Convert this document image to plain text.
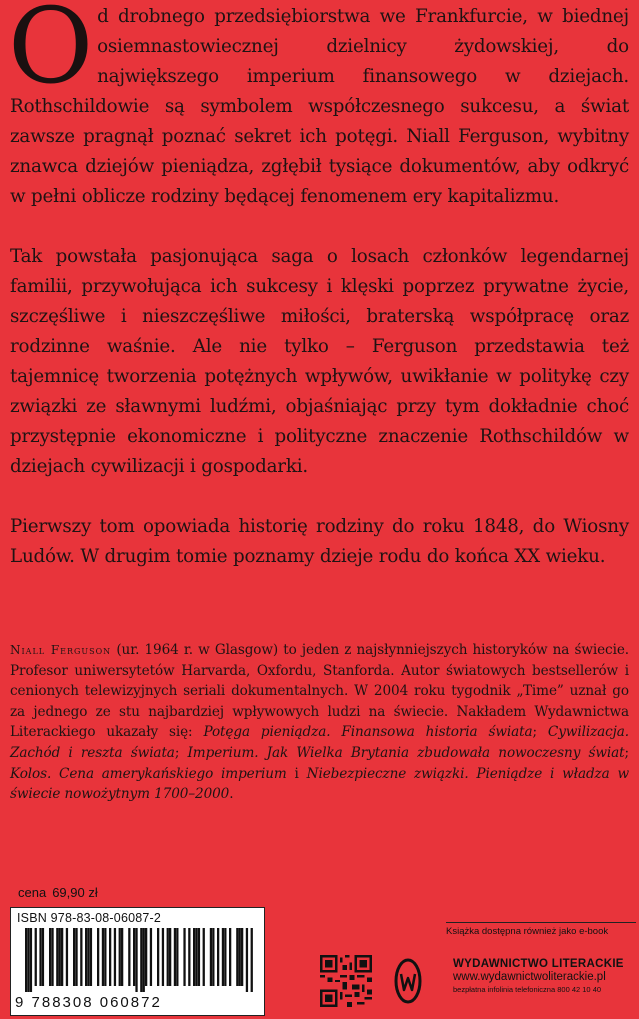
Od drobnego przedsiębiorstwa we Frankfurcie, w biednej osiemnastowiecznej dzielnicy żydowskiej, do największego imperium finansowego w dziejach. Rothschildowie są symbolem współczesnego sukcesu, a świat zawsze pragnął poznać sekret ich potęgi. Niall Ferguson, wybitny znawca dziejów pieniądza, zgłębił tysiące dokumentów, aby odkryć w pełni oblicze rodziny będącej fenomenem ery kapitalizmu.

Tak powstała pasjonująca saga o losach członków legendarnej familii, przywołująca ich sukcesy i klęski poprzez prywatne życie, szczęśliwe i nieszczęśliwe miłości, braterską współpracę oraz rodzinne waśnie. Ale nie tylko – Ferguson przedstawia też tajemnicę tworzenia potężnych wpływów, uwikłanie w politykę czy związki ze sławnymi ludźmi, objaśniając przy tym dokładnie choć przystępnie ekonomiczne i polityczne znaczenie Rothschildów w dziejach cywilizacji i gospodarki.

Pierwszy tom opowiada historię rodziny do roku 1848, do Wiosny Ludów. W drugim tomie poznamy dzieje rodu do końca XX wieku.

Niall Ferguson (ur. 1964 r. w Glasgow) to jeden z najsłynniejszych historyków na świecie. Profesor uniwersytetów Harvarda, Oxfordu, Stanforda. Autor światowych bestsellerów i cenionych telewizyjnych seriali dokumentalnych. W 2004 roku tygodnik „Time” uznał go za jednego ze stu najbardziej wpływowych ludzi na świecie. Nakładem Wydawnictwa Literackiego ukazały się: Potęga pieniądza. Finansowa historia świata; Cywilizacja. Zachód i reszta świata; Imperium. Jak Wielka Brytania zbudowała nowoczesny świat; Kolos. Cena amerykańskiego imperium i Niebezpieczne związki. Pieniądze i władza w świecie nowożytnym 1700–2000.
cena 69,90 zł
ISBN 978-83-08-06087-2
9 788308 060872
Książka dostępna również jako e-book
WYDAWNICTWO LITERACKIE
www.wydawnictwoliterackie.pl
bezpłatna infolinia telefoniczna 800 42 10 40
